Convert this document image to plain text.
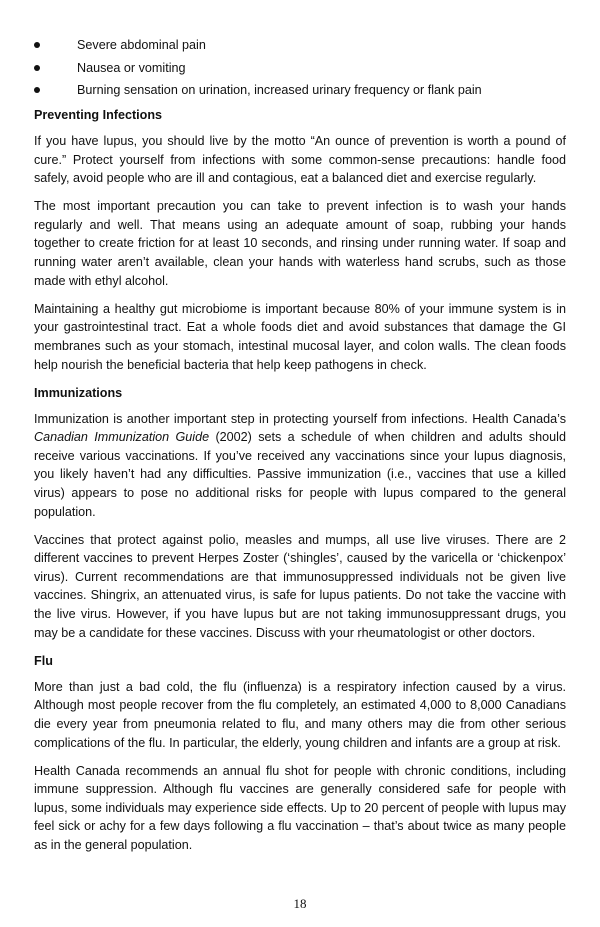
Severe abdominal pain
Nausea or vomiting
Burning sensation on urination, increased urinary frequency or flank pain
Preventing Infections

If you have lupus, you should live by the motto “An ounce of prevention is worth a pound of cure.” Protect yourself from infections with some common-sense precautions: handle food safely, avoid people who are ill and contagious, eat a balanced diet and exercise regularly.

The most important precaution you can take to prevent infection is to wash your hands regularly and well. That means using an adequate amount of soap, rubbing your hands together to create friction for at least 10 seconds, and rinsing under running water. If soap and running water aren’t available, clean your hands with waterless hand scrubs, such as those made with ethyl alcohol.

Maintaining a healthy gut microbiome is important because 80% of your immune system is in your gastrointestinal tract. Eat a whole foods diet and avoid substances that damage the GI membranes such as your stomach, intestinal mucosal layer, and colon walls. The clean foods help nourish the beneficial bacteria that help keep pathogens in check.

Immunizations

Immunization is another important step in protecting yourself from infections. Health Canada’s Canadian Immunization Guide (2002) sets a schedule of when children and adults should receive various vaccinations. If you’ve received any vaccinations since your lupus diagnosis, you likely haven’t had any difficulties. Passive immunization (i.e., vaccines that use a killed virus) appears to pose no additional risks for people with lupus compared to the general population.

Vaccines that protect against polio, measles and mumps, all use live viruses. There are 2 different vaccines to prevent Herpes Zoster (‘shingles’, caused by the varicella or ‘chickenpox’ virus). Current recommendations are that immunosuppressed individuals not be given live vaccines. Shingrix, an attenuated virus, is safe for lupus patients. Do not take the vaccine with the live virus. However, if you have lupus but are not taking immunosuppressant drugs, you may be a candidate for these vaccines. Discuss with your rheumatologist or other doctors.

Flu

More than just a bad cold, the flu (influenza) is a respiratory infection caused by a virus. Although most people recover from the flu completely, an estimated 4,000 to 8,000 Canadians die every year from pneumonia related to flu, and many others may die from other serious complications of the flu. In particular, the elderly, young children and infants are a group at risk.

Health Canada recommends an annual flu shot for people with chronic conditions, including immune suppression. Although flu vaccines are generally considered safe for people with lupus, some individuals may experience side effects. Up to 20 percent of people with lupus may feel sick or achy for a few days following a flu vaccination – that’s about twice as many people as in the general population.

18
